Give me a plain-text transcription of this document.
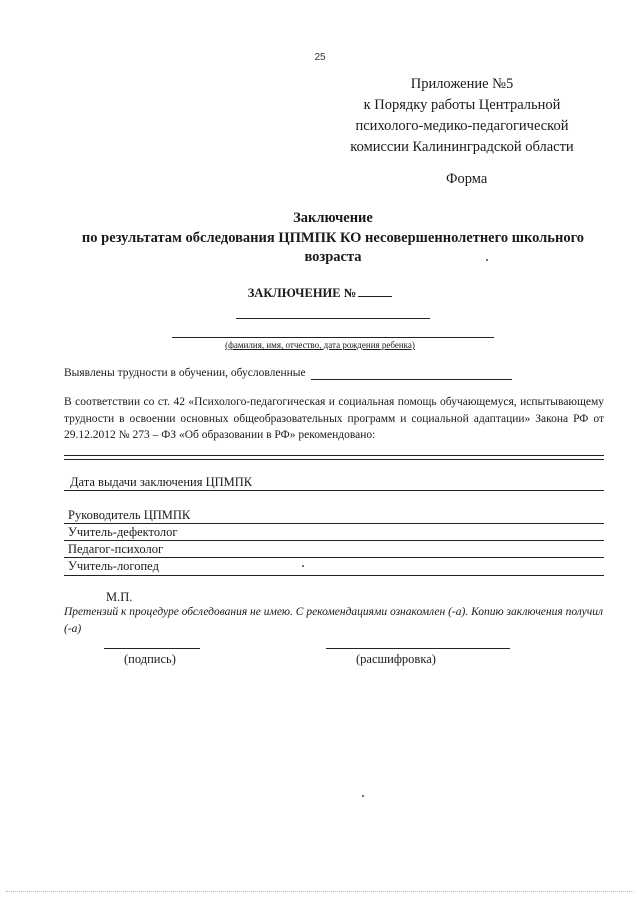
25
Приложение №5
к Порядку работы Центральной
психолого-медико-педагогической
комиссии Калининградской области
Форма
Заключение
по результатам обследования ЦПМПК КО несовершеннолетнего школьного
возраста
ЗАКЛЮЧЕНИЕ №
(фамилия, имя, отчество, дата рождения ребенка)
Выявлены трудности в обучении, обусловленные
В соответствии со ст. 42 «Психолого-педагогическая и социальная помощь обучающемуся, испытывающему трудности в освоении основных общеобразовательных программ и социальной адаптации» Закона РФ от 29.12.2012 № 273 – ФЗ «Об образовании в РФ» рекомендовано:
Дата выдачи заключения ЦПМПК
Руководитель ЦПМПК
Учитель-дефектолог
Педагог-психолог
Учитель-логопед
М.П.
Претензий к процедуре обследования не имею. С рекомендациями ознакомлен (-а). Копию заключения получил (-а)
(подпись)	(расшифровка)
